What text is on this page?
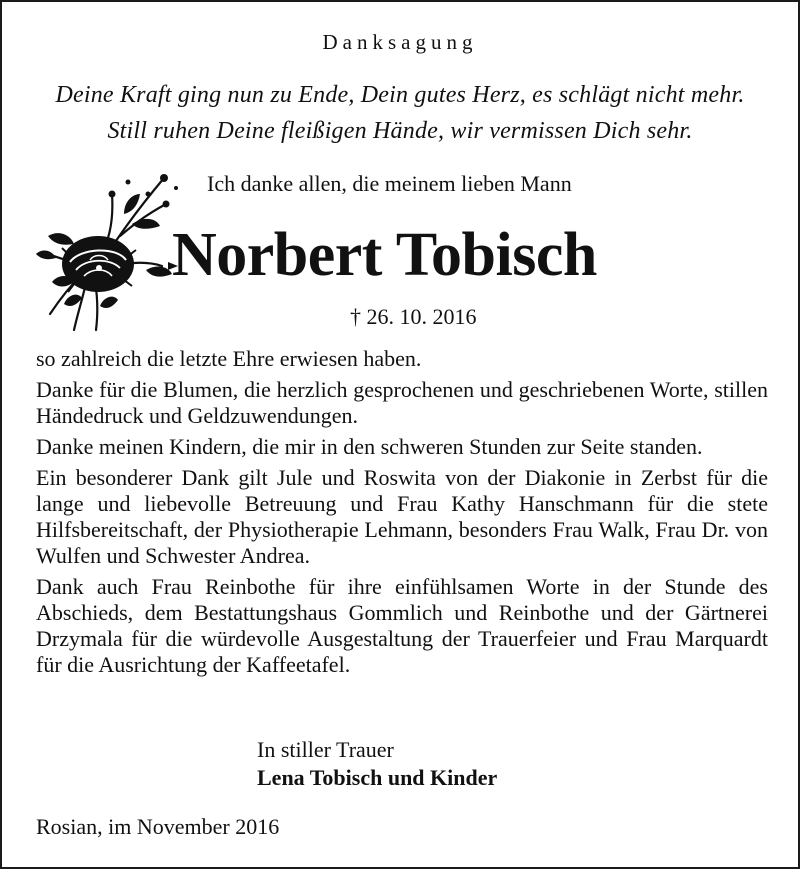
Danksagung
Deine Kraft ging nun zu Ende, Dein gutes Herz, es schlägt nicht mehr.
Still ruhen Deine fleißigen Hände, wir vermissen Dich sehr.
Ich danke allen, die meinem lieben Mann
Norbert Tobisch
† 26. 10. 2016

so zahlreich die letzte Ehre erwiesen haben.

Danke für die Blumen, die herzlich gesprochenen und geschriebenen Worte, stillen Händedruck und Geldzuwendungen.

Danke meinen Kindern, die mir in den schweren Stunden zur Seite standen.

Ein besonderer Dank gilt Jule und Roswita von der Diakonie in Zerbst für die lange und liebevolle Betreuung und Frau Kathy Hanschmann für die stete Hilfsbereitschaft, der Physiotherapie Lehmann, besonders Frau Walk, Frau Dr. von Wulfen und Schwester Andrea.

Dank auch Frau Reinbothe für ihre einfühlsamen Worte in der Stunde des Abschieds, dem Bestattungshaus Gommlich und Reinbothe und der Gärtnerei Drzymala für die würdevolle Ausgestaltung der Trauerfeier und Frau Marquardt für die Ausrichtung der Kaffeetafel.

In stiller Trauer
Lena Tobisch und Kinder
Rosian, im November 2016
